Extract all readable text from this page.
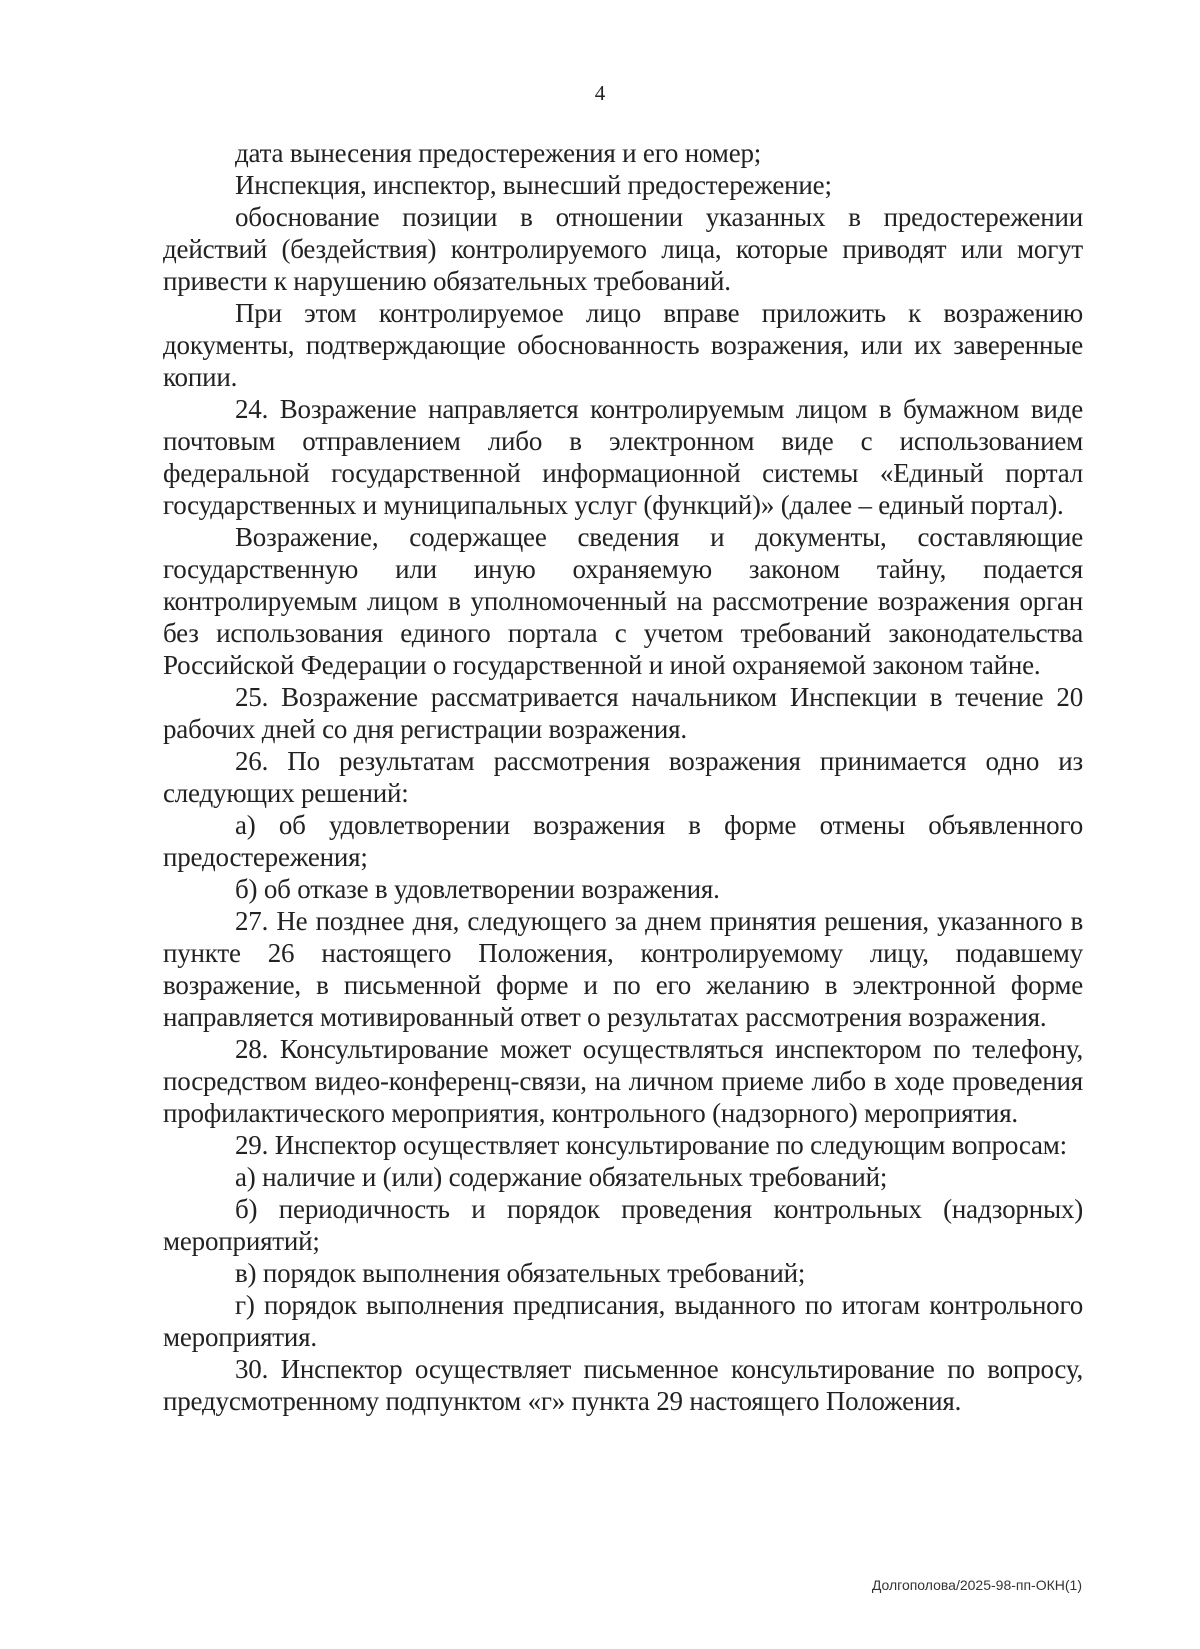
4

дата вынесения предостережения и его номер;

Инспекция, инспектор, вынесший предостережение;

обоснование позиции в отношении указанных в предостережении действий (бездействия) контролируемого лица, которые приводят или могут привести к нарушению обязательных требований.

При этом контролируемое лицо вправе приложить к возражению документы, подтверждающие обоснованность возражения, или их заверенные копии.

24. Возражение направляется контролируемым лицом в бумажном виде почтовым отправлением либо в электронном виде с использованием федеральной государственной информационной системы «Единый портал государственных и муниципальных услуг (функций)» (далее – единый портал).

Возражение, содержащее сведения и документы, составляющие государственную или иную охраняемую законом тайну, подается контролируемым лицом в уполномоченный на рассмотрение возражения орган без использования единого портала с учетом требований законодательства Российской Федерации о государственной и иной охраняемой законом тайне.

25. Возражение рассматривается начальником Инспекции в течение 20 рабочих дней со дня регистрации возражения.

26. По результатам рассмотрения возражения принимается одно из следующих решений:

а) об удовлетворении возражения в форме отмены объявленного предостережения;

б) об отказе в удовлетворении возражения.

27. Не позднее дня, следующего за днем принятия решения, указанного в пункте 26 настоящего Положения, контролируемому лицу, подавшему возражение, в письменной форме и по его желанию в электронной форме направляется мотивированный ответ о результатах рассмотрения возражения.

28. Консультирование может осуществляться инспектором по телефону, посредством видео-конференц-связи, на личном приеме либо в ходе проведения профилактического мероприятия, контрольного (надзорного) мероприятия.

29. Инспектор осуществляет консультирование по следующим вопросам:

а) наличие и (или) содержание обязательных требований;

б) периодичность и порядок проведения контрольных (надзорных) мероприятий;

в) порядок выполнения обязательных требований;

г) порядок выполнения предписания, выданного по итогам контрольного мероприятия.

30. Инспектор осуществляет письменное консультирование по вопросу, предусмотренному подпунктом «г» пункта 29 настоящего Положения.

Долгополова/2025-98-пп-ОКН(1)
